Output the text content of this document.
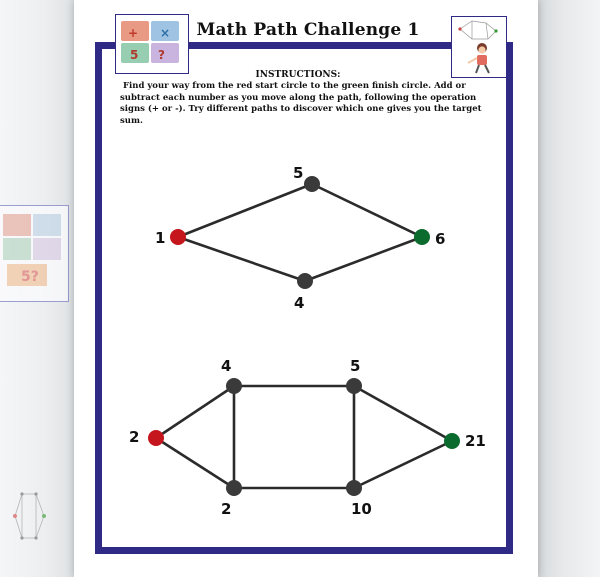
5?
+ ×
?
5
Math Path Challenge 1
INSTRUCTIONS:
Find your way from the red start circle to the green finish circle. Add or subtract each number as you move along the path, following the operation signs (+ or -). Try different paths to discover which one gives you the target sum.
1
5
4
6
2
4	5
2	10
21
